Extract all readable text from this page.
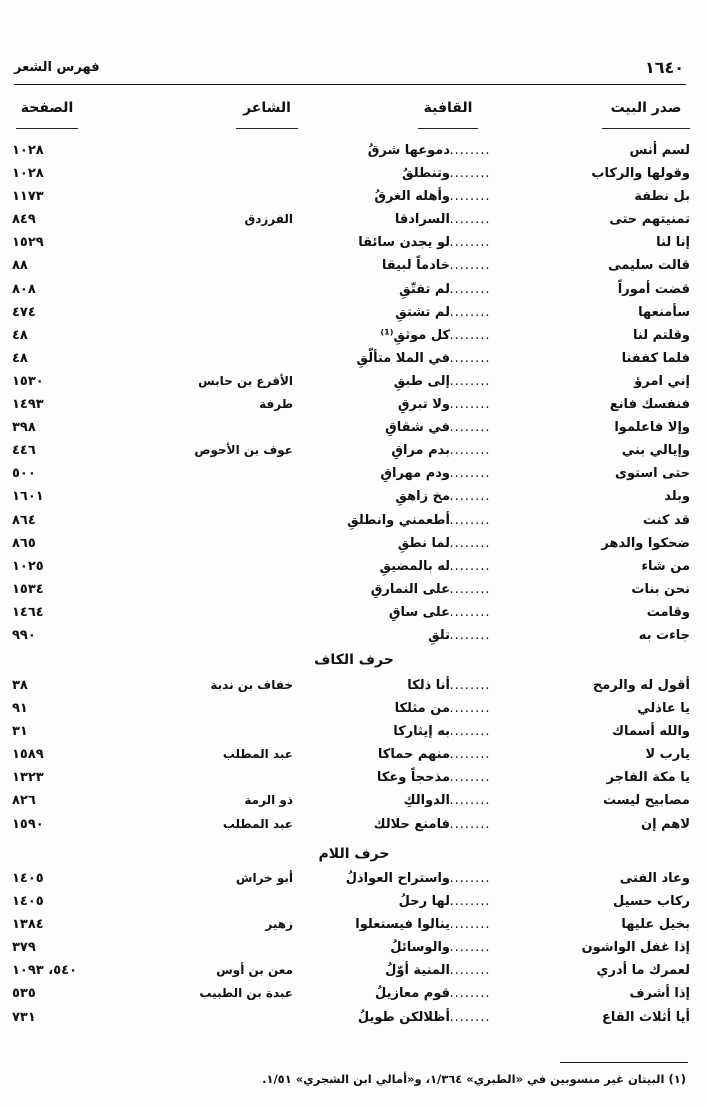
١٦٤٠
فهرس الشعر
صدر البيت
القافية
الشاعر
الصفحة
لسم أنس
........
دموعها شرقُ
١٠٢٨
وقولها والركاب
........
وتنطلقُ
١٠٢٨
بل نطفة
........
وأهله الغرقُ
١١٧٣
تمنيتهم حتى
........
السرادقا
الفرزدق
٨٤٩
إنا لنا
........
لو يجدن سائقا
١٥٢٩
قالت سليمى
........
خادماً لبيقا
٨٨
قضت أموراً
........
لم تفتّقِ
٨٠٨
سأمنعها
........
لم تشتقِ
٤٧٤
وقلتم لنا
........
كل موثقِ⁽¹⁾
٤٨
فلما كففنا
........
في الملا متألّقِ
٤٨
إني امرؤ
........
إلى طبقِ
الأقرع بن حابس
١٥٣٠
فنفسك فانع
........
ولا تبرقِ
طرفة
١٤٩٣
وإلا فاعلموا
........
في شقاقِ
٣٩٨
وإيالي بني
........
بدم مراقِ
عوف بن الأحوص
٤٤٦
حتى استوى
........
ودم مهراقِ
٥٠٠
وبلد
........
مخ زاهقِ
١٦٠١
قد كنت
........
أطعمني وانطلقِ
٨٦٤
ضحكوا والدهر
........
لما نطقِ
٨٦٥
من شاء
........
له بالمضيقِ
١٠٢٥
نحن بنات
........
على النمارقِ
١٥٣٤
وقامت
........
على ساقِ
١٤٦٤
جاءت به
........
تلقِ
٩٩٠
حرف الكاف
أقول له والرمح
........
أنا ذلكا
خفاف بن ندبة
٣٨
يا عاذلي
........
من مثلكا
٩١
والله أسماك
........
به إيثاركا
٣١
يارب لا
........
منهم حماكا
عبد المطلب
١٥٨٩
يا مكة الفاجر
........
مذحجاً وعكا
١٣٢٣
مصابيح ليست
........
الدوالكِ
ذو الرمة
٨٢٦
لاهم إن
........
فامنع حلالك
عبد المطلب
١٥٩٠
حرف اللام
وعاد الفتى
........
واستراح العواذلُ
أبو خراش
١٤٠٥
ركاب حسيل
........
لها رحلُ
١٤٠٥
بخيل عليها
........
ينالوا فيستعلوا
زهير
١٣٨٤
إذا غفل الواشون
........
والوسائلُ
٣٧٩
لعمرك ما أدري
........
المنية أوّلُ
معن بن أوس
٥٤٠، ١٠٩٣
إذا أشرف
........
قوم معازيلُ
عبدة بن الطبيب
٥٣٥
أيا أثلاث القاع
........
أظلالكن طويلُ
٧٣١
(١) البيتان غير منسوبين في «الطبري» ١/٣٦٤، و«أمالي ابن الشجري» ١/٥١.
